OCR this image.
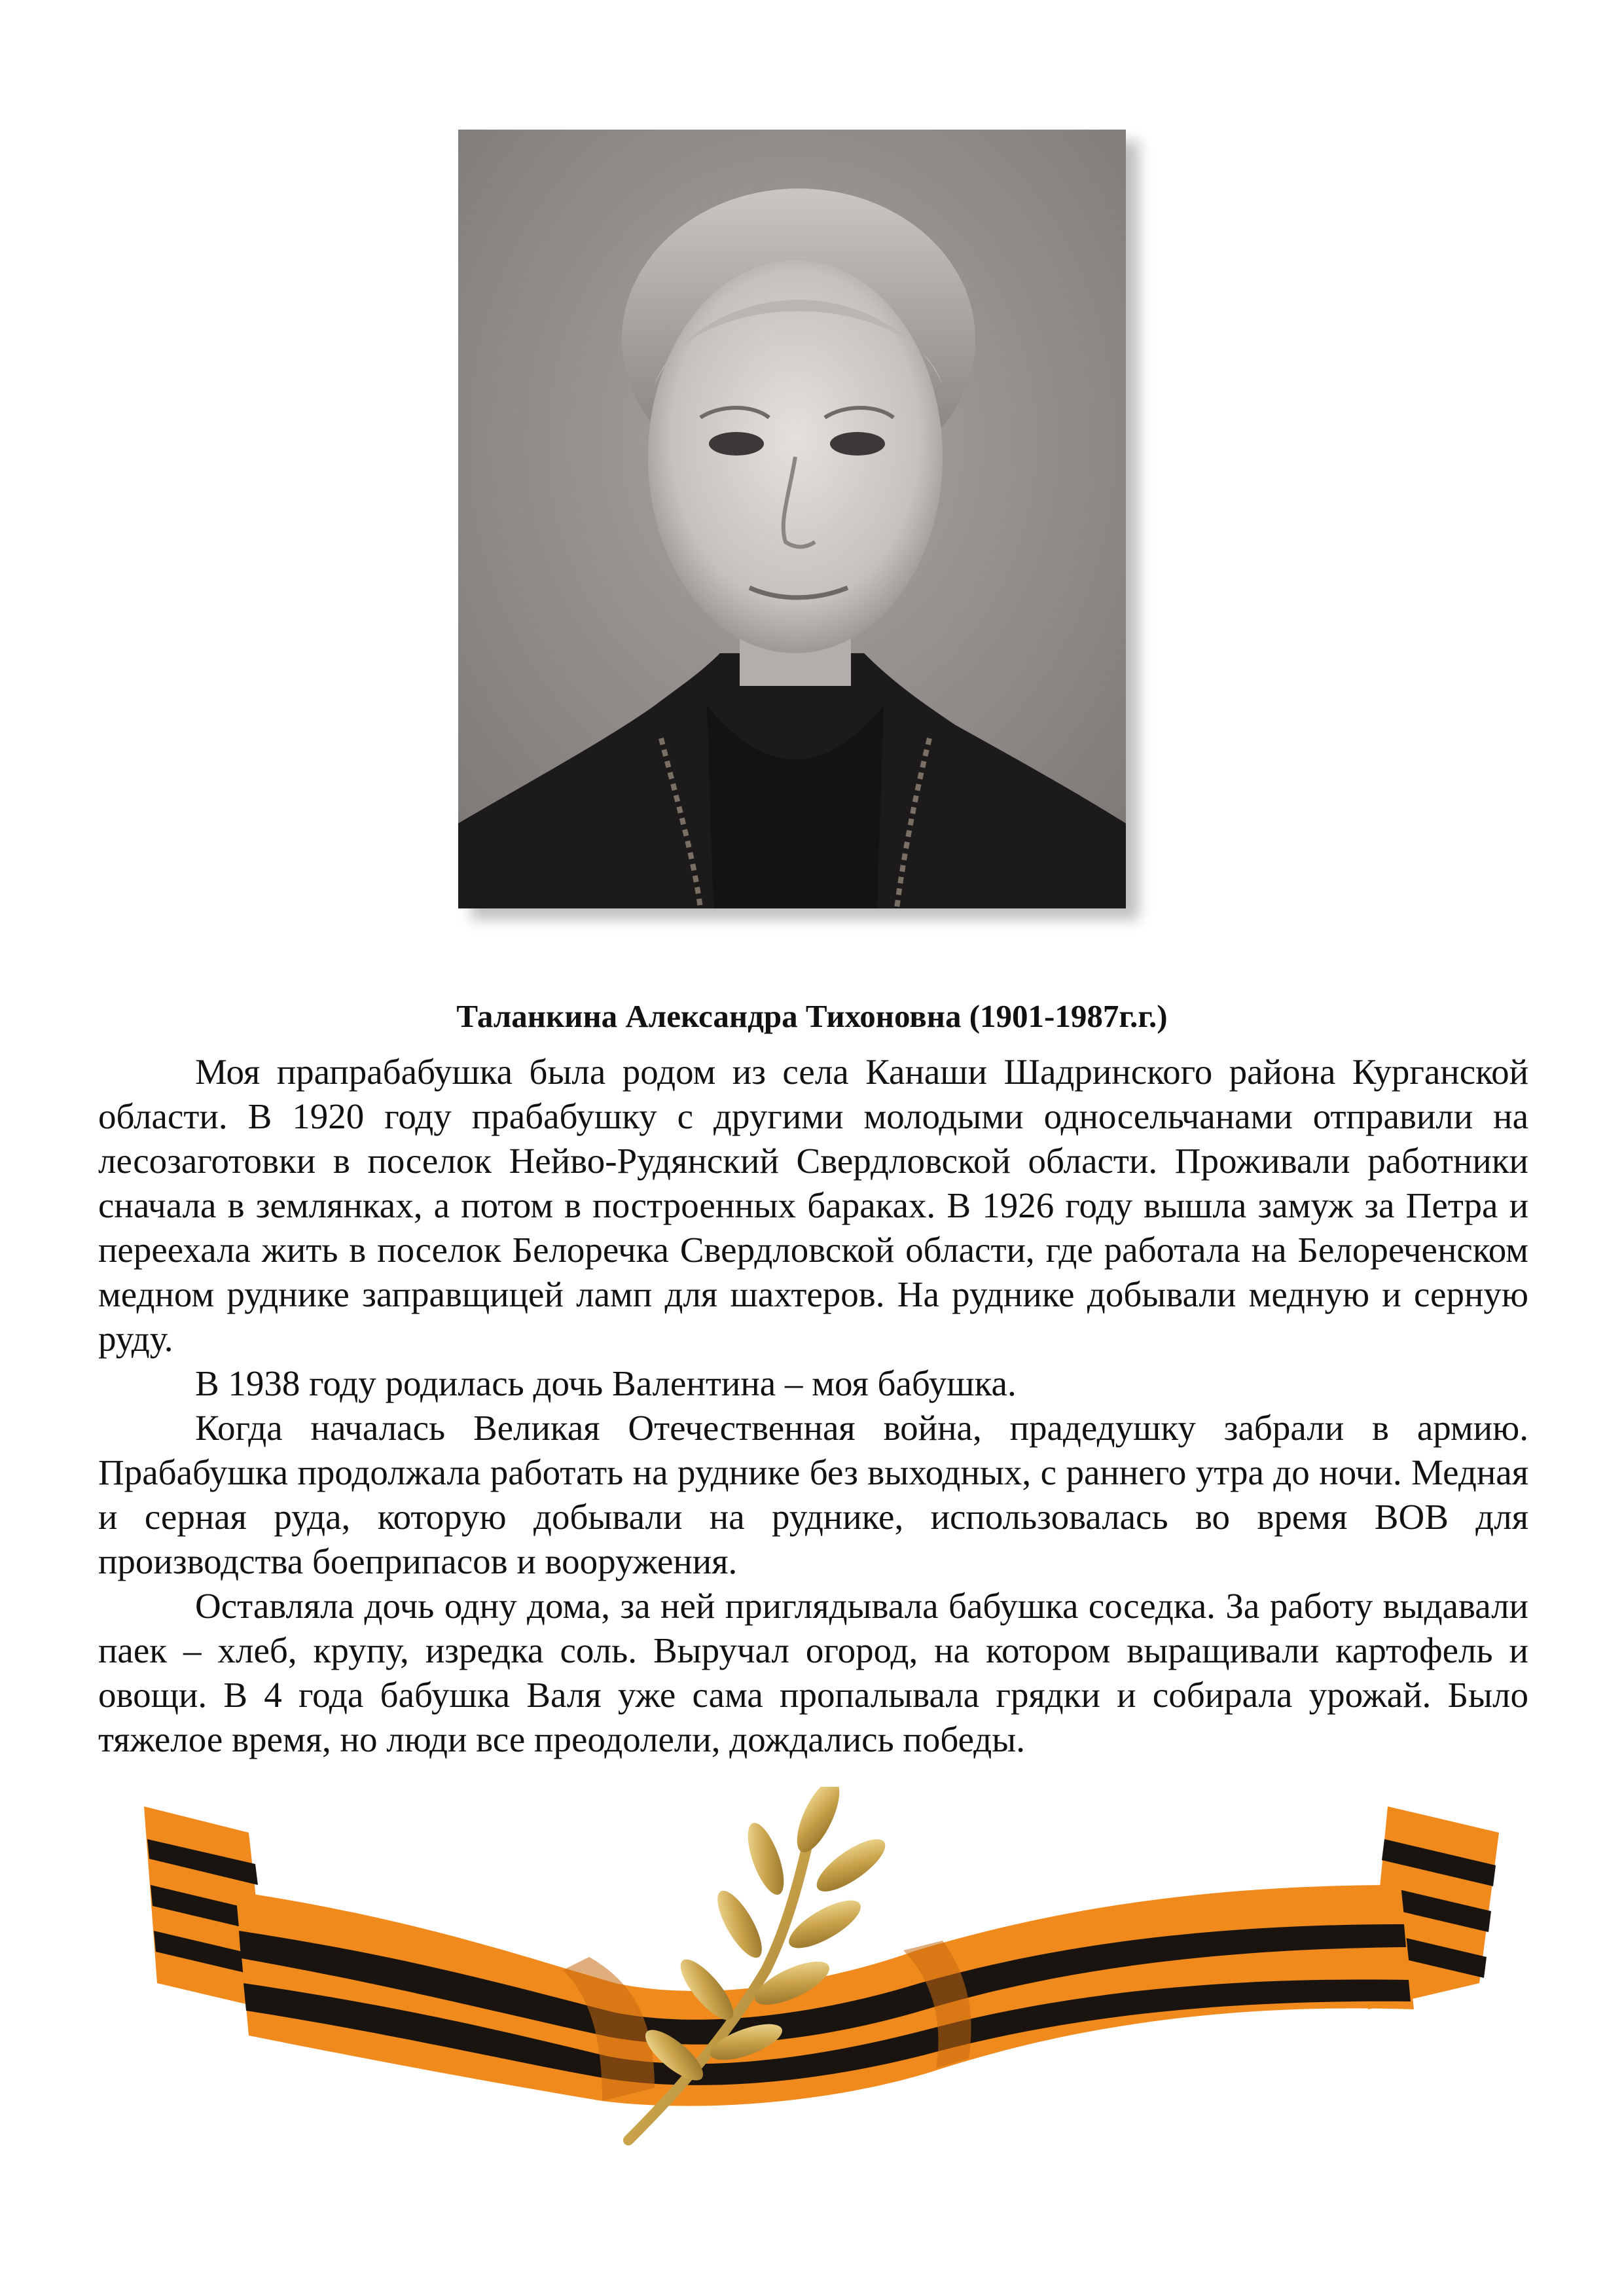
Таланкина Александра Тихоновна (1901-1987г.г.)

Моя прапрабабушка была родом из села Канаши Шадринского района Курганской области. В 1920 году прабабушку с другими молодыми односельчанами отправили на лесозаготовки в поселок Нейво-Рудянский Свердловской области. Проживали работники сначала в землянках, а потом в построенных бараках. В 1926 году вышла замуж за Петра и переехала жить в поселок Белоречка Свердловской области, где работала на Белореченском медном руднике заправщицей ламп для шахтеров. На руднике добывали медную и серную руду.

В 1938 году родилась дочь Валентина – моя бабушка.

Когда началась Великая Отечественная война, прадедушку забрали в армию. Прабабушка продолжала работать на руднике без выходных, с раннего утра до ночи. Медная и серная руда, которую добывали на руднике, использовалась во время ВОВ для производства боеприпасов и вооружения.

Оставляла дочь одну дома, за ней приглядывала бабушка соседка. За работу выдавали паек – хлеб, крупу, изредка соль. Выручал огород, на котором выращивали картофель и овощи. В 4 года бабушка Валя уже сама пропалывала грядки и собирала урожай. Было тяжелое время, но люди все преодолели, дождались победы.
